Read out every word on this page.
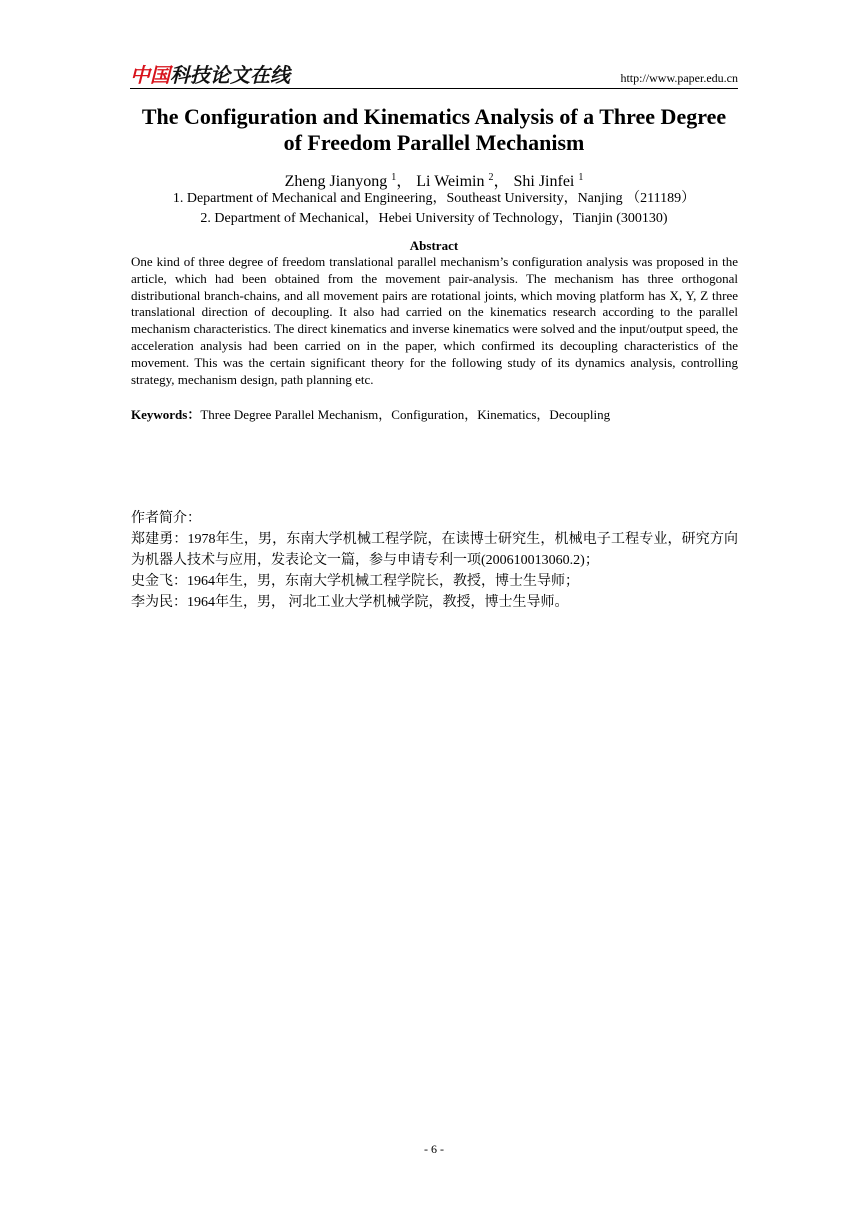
中国 科技论文在线	http://www.paper.edu.cn
The Configuration and Kinematics Analysis of a Three Degree of Freedom Parallel Mechanism
Zheng Jianyong $^1$， Li Weimin $^2$， Shi Jinfei $^1$
1. Department of Mechanical and Engineering，Southeast University，Nanjing （211189）
2. Department of Mechanical，Hebei University of Technology，Tianjin (300130)
Abstract
One kind of three degree of freedom translational parallel mechanism’s configuration analysis was proposed in the article, which had been obtained from the movement pair-analysis. The mechanism has three orthogonal distributional branch-chains, and all movement pairs are rotational joints, which moving platform has X, Y, Z three translational direction of decoupling. It also had carried on the kinematics research according to the parallel mechanism characteristics. The direct kinematics and inverse kinematics were solved and the input/output speed, the acceleration analysis had been carried on in the paper, which confirmed its decoupling characteristics of the movement. This was the certain significant theory for the following study of its dynamics analysis, controlling strategy, mechanism design, path planning etc.
Keywords：Three Degree Parallel Mechanism，Configuration，Kinematics，Decoupling
作者简介：
郑建勇：1978年生，男，东南大学机械工程学院，在读博士研究生，机械电子工程专业，研究方向为机器人技术与应用，发表论文一篇，参与申请专利一项(200610013060.2)；
史金飞：1964年生，男，东南大学机械工程学院长，教授，博士生导师；
李为民：1964年生，男， 河北工业大学机械学院，教授，博士生导师。
- 6 -
